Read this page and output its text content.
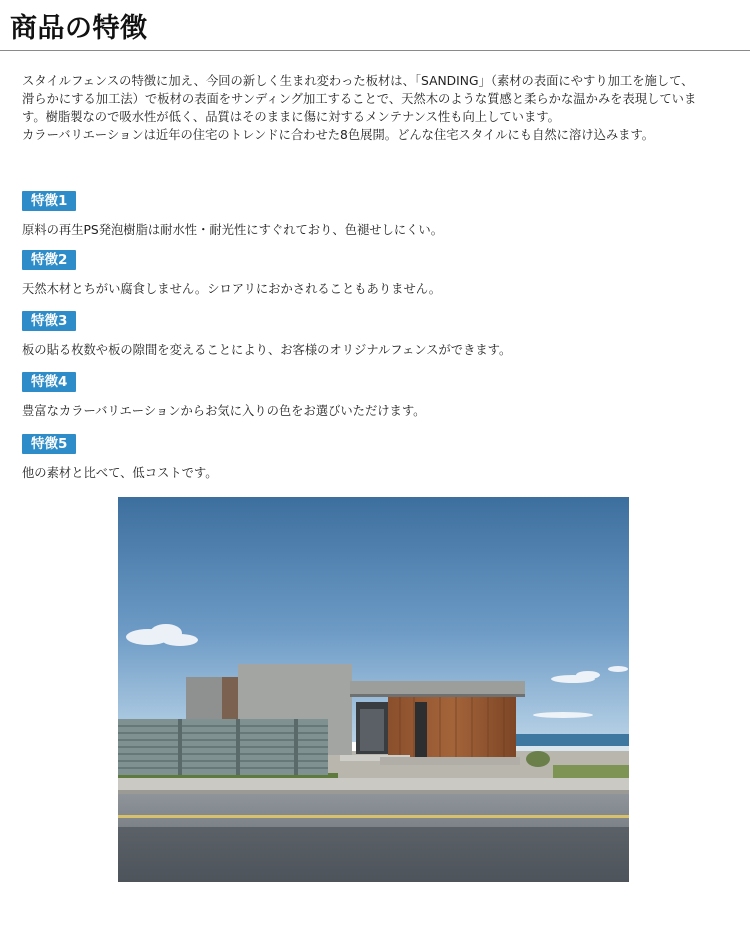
商品の特徴

スタイルフェンスの特徴に加え、今回の新しく生まれ変わった板材は、「SANDING」（素材の表面にやすり加工を施して、

滑らかにする加工法）で板材の表面をサンディング加工することで、天然木のような質感と柔らかな温かみを表現していま

す。樹脂製なので吸水性が低く、品質はそのままに傷に対するメンテナンス性も向上しています。

カラーバリエーションは近年の住宅のトレンドに合わせた8色展開。どんな住宅スタイルにも自然に溶け込みます。

特徴1
原料の再生PS発泡樹脂は耐水性・耐光性にすぐれており、色褪せしにくい。
特徴2
天然木材とちがい腐食しません。シロアリにおかされることもありません。
特徴3
板の貼る枚数や板の隙間を変えることにより、お客様のオリジナルフェンスができます。
特徴4
豊富なカラーバリエーションからお気に入りの色をお選びいただけます。
特徴5
他の素材と比べて、低コストです。
